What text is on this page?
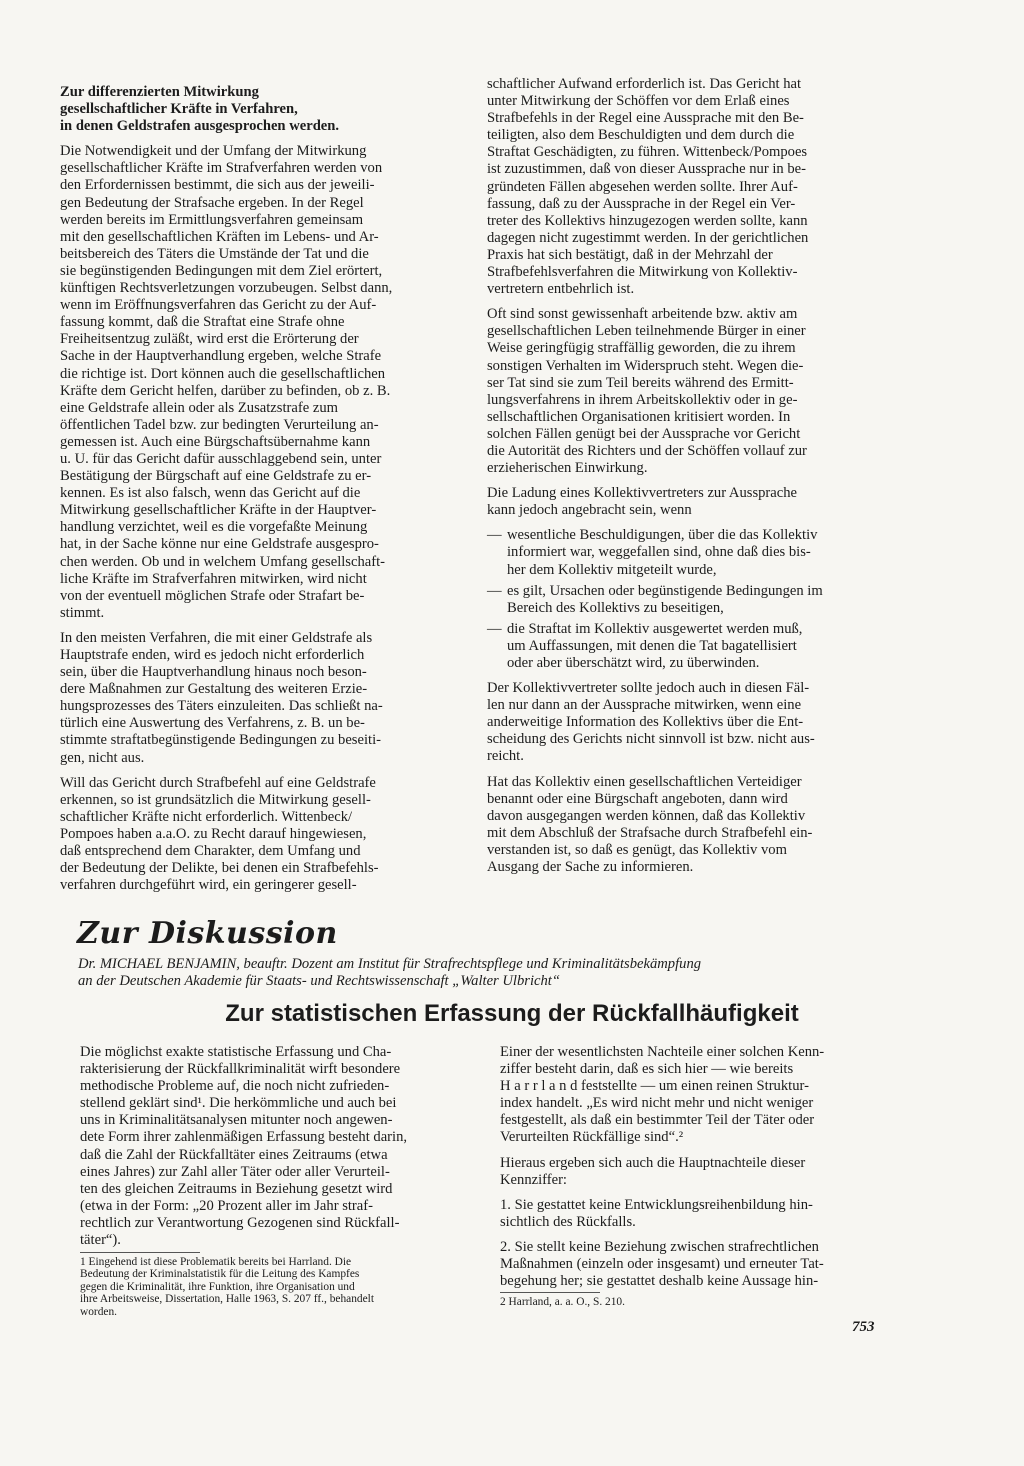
Zur differenzierten Mitwirkung
gesellschaftlicher Kräfte in Verfahren,
in denen Geldstrafen ausgesprochen werden.

Die Notwendigkeit und der Umfang der Mitwirkung
gesellschaftlicher Kräfte im Strafverfahren werden von
den Erfordernissen bestimmt, die sich aus der jeweili-
gen Bedeutung der Strafsache ergeben. In der Regel
werden bereits im Ermittlungsverfahren gemeinsam
mit den gesellschaftlichen Kräften im Lebens- und Ar-
beitsbereich des Täters die Umstände der Tat und die
sie begünstigenden Bedingungen mit dem Ziel erörtert,
künftigen Rechtsverletzungen vorzubeugen. Selbst dann,
wenn im Eröffnungsverfahren das Gericht zu der Auf-
fassung kommt, daß die Straftat eine Strafe ohne
Freiheitsentzug zuläßt, wird erst die Erörterung der
Sache in der Hauptverhandlung ergeben, welche Strafe
die richtige ist. Dort können auch die gesellschaftlichen
Kräfte dem Gericht helfen, darüber zu befinden, ob z. B.
eine Geldstrafe allein oder als Zusatzstrafe zum
öffentlichen Tadel bzw. zur bedingten Verurteilung an-
gemessen ist. Auch eine Bürgschaftsübernahme kann
u. U. für das Gericht dafür ausschlaggebend sein, unter
Bestätigung der Bürgschaft auf eine Geldstrafe zu er-
kennen. Es ist also falsch, wenn das Gericht auf die
Mitwirkung gesellschaftlicher Kräfte in der Hauptver-
handlung verzichtet, weil es die vorgefaßte Meinung
hat, in der Sache könne nur eine Geldstrafe ausgespro-
chen werden. Ob und in welchem Umfang gesellschaft-
liche Kräfte im Strafverfahren mitwirken, wird nicht
von der eventuell möglichen Strafe oder Strafart be-
stimmt.

In den meisten Verfahren, die mit einer Geldstrafe als
Hauptstrafe enden, wird es jedoch nicht erforderlich
sein, über die Hauptverhandlung hinaus noch beson-
dere Maßnahmen zur Gestaltung des weiteren Erzie-
hungsprozesses des Täters einzuleiten. Das schließt na-
türlich eine Auswertung des Verfahrens, z. B. un be-
stimmte straftatbegünstigende Bedingungen zu beseiti-
gen, nicht aus.

Will das Gericht durch Strafbefehl auf eine Geldstrafe
erkennen, so ist grundsätzlich die Mitwirkung gesell-
schaftlicher Kräfte nicht erforderlich. Wittenbeck/
Pompoes haben a.a.O. zu Recht darauf hingewiesen,
daß entsprechend dem Charakter, dem Umfang und
der Bedeutung der Delikte, bei denen ein Strafbefehls-
verfahren durchgeführt wird, ein geringerer gesell-

schaftlicher Aufwand erforderlich ist. Das Gericht hat
unter Mitwirkung der Schöffen vor dem Erlaß eines
Strafbefehls in der Regel eine Aussprache mit den Be-
teiligten, also dem Beschuldigten und dem durch die
Straftat Geschädigten, zu führen. Wittenbeck/Pompoes
ist zuzustimmen, daß von dieser Aussprache nur in be-
gründeten Fällen abgesehen werden sollte. Ihrer Auf-
fassung, daß zu der Aussprache in der Regel ein Ver-
treter des Kollektivs hinzugezogen werden sollte, kann
dagegen nicht zugestimmt werden. In der gerichtlichen
Praxis hat sich bestätigt, daß in der Mehrzahl der
Strafbefehlsverfahren die Mitwirkung von Kollektiv-
vertretern entbehrlich ist.

Oft sind sonst gewissenhaft arbeitende bzw. aktiv am
gesellschaftlichen Leben teilnehmende Bürger in einer
Weise geringfügig straffällig geworden, die zu ihrem
sonstigen Verhalten im Widerspruch steht. Wegen die-
ser Tat sind sie zum Teil bereits während des Ermitt-
lungsverfahrens in ihrem Arbeitskollektiv oder in ge-
sellschaftlichen Organisationen kritisiert worden. In
solchen Fällen genügt bei der Aussprache vor Gericht
die Autorität des Richters und der Schöffen vollauf zur
erzieherischen Einwirkung.

Die Ladung eines Kollektivvertreters zur Aussprache
kann jedoch angebracht sein, wenn

— wesentliche Beschuldigungen, über die das Kollektiv
informiert war, weggefallen sind, ohne daß dies bis-
her dem Kollektiv mitgeteilt wurde,
— es gilt, Ursachen oder begünstigende Bedingungen im
Bereich des Kollektivs zu beseitigen,
— die Straftat im Kollektiv ausgewertet werden muß,
um Auffassungen, mit denen die Tat bagatellisiert
oder aber überschätzt wird, zu überwinden.

Der Kollektivvertreter sollte jedoch auch in diesen Fäl-
len nur dann an der Aussprache mitwirken, wenn eine
anderweitige Information des Kollektivs über die Ent-
scheidung des Gerichts nicht sinnvoll ist bzw. nicht aus-
reicht.

Hat das Kollektiv einen gesellschaftlichen Verteidiger
benannt oder eine Bürgschaft angeboten, dann wird
davon ausgegangen werden können, daß das Kollektiv
mit dem Abschluß der Strafsache durch Strafbefehl ein-
verstanden ist, so daß es genügt, das Kollektiv vom
Ausgang der Sache zu informieren.

Zur Diskussion
Dr. MICHAEL BENJAMIN, beauftr. Dozent am Institut für Strafrechtspflege und Kriminalitätsbekämpfung
an der Deutschen Akademie für Staats- und Rechtswissenschaft „Walter Ulbricht“
Zur statistischen Erfassung der Rückfallhäufigkeit

Die möglichst exakte statistische Erfassung und Cha-
rakterisierung der Rückfallkriminalität wirft besondere
methodische Probleme auf, die noch nicht zufrieden-
stellend geklärt sind¹. Die herkömmliche und auch bei
uns in Kriminalitätsanalysen mitunter noch angewen-
dete Form ihrer zahlenmäßigen Erfassung besteht darin,
daß die Zahl der Rückfalltäter eines Zeitraums (etwa
eines Jahres) zur Zahl aller Täter oder aller Verurteil-
ten des gleichen Zeitraums in Beziehung gesetzt wird
(etwa in der Form: „20 Prozent aller im Jahr straf-
rechtlich zur Verantwortung Gezogenen sind Rückfall-
täter“).

1 Eingehend ist diese Problematik bereits bei Harrland. Die
Bedeutung der Kriminalstatistik für die Leitung des Kampfes
gegen die Kriminalität, ihre Funktion, ihre Organisation und
ihre Arbeitsweise, Dissertation, Halle 1963, S. 207 ff., behandelt
worden.

Einer der wesentlichsten Nachteile einer solchen Kenn-
ziffer besteht darin, daß es sich hier — wie bereits
H a r r l a n d feststellte — um einen reinen Struktur-
index handelt. „Es wird nicht mehr und nicht weniger
festgestellt, als daß ein bestimmter Teil der Täter oder
Verurteilten Rückfällige sind“.²

Hieraus ergeben sich auch die Hauptnachteile dieser
Kennziffer:

1. Sie gestattet keine Entwicklungsreihenbildung hin-
sichtlich des Rückfalls.

2. Sie stellt keine Beziehung zwischen strafrechtlichen
Maßnahmen (einzeln oder insgesamt) und erneuter Tat-
begehung her; sie gestattet deshalb keine Aussage hin-

2 Harrland, a. a. O., S. 210.
753
